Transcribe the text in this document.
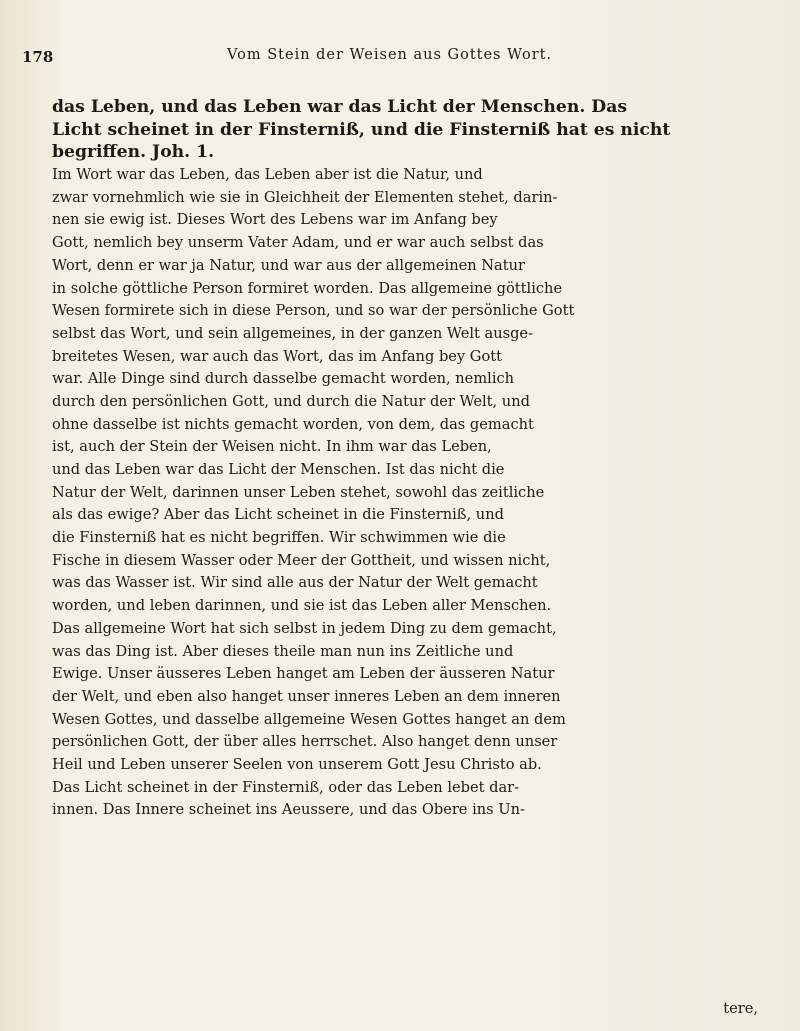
178	Vom Stein der Weisen aus Gottes Wort.
das Leben, und das Leben war das Licht der Menschen. Das
Licht scheinet in der Finsterniß, und die Finsterniß hat es nicht
begriffen. Joh. 1.
Im Wort war das Leben, das Leben aber ist die Natur, und
zwar vornehmlich wie sie in Gleichheit der Elementen stehet, darin-
nen sie ewig ist. Dieses Wort des Lebens war im Anfang bey
Gott, nemlich bey unserm Vater Adam, und er war auch selbst das
Wort, denn er war ja Natur, und war aus der allgemeinen Natur
in solche göttliche Person formiret worden. Das allgemeine göttliche
Wesen formirete sich in diese Person, und so war der persönliche Gott
selbst das Wort, und sein allgemeines, in der ganzen Welt ausge-
breitetes Wesen, war auch das Wort, das im Anfang bey Gott
war. Alle Dinge sind durch dasselbe gemacht worden, nemlich
durch den persönlichen Gott, und durch die Natur der Welt, und
ohne dasselbe ist nichts gemacht worden, von dem, das gemacht
ist, auch der Stein der Weisen nicht. In ihm war das Leben,
und das Leben war das Licht der Menschen. Ist das nicht die
Natur der Welt, darinnen unser Leben stehet, sowohl das zeitliche
als das ewige? Aber das Licht scheinet in die Finsterniß, und
die Finsterniß hat es nicht begriffen. Wir schwimmen wie die
Fische in diesem Wasser oder Meer der Gottheit, und wissen nicht,
was das Wasser ist. Wir sind alle aus der Natur der Welt gemacht
worden, und leben darinnen, und sie ist das Leben aller Menschen.
Das allgemeine Wort hat sich selbst in jedem Ding zu dem gemacht,
was das Ding ist. Aber dieses theile man nun ins Zeitliche und
Ewige. Unser äusseres Leben hanget am Leben der äusseren Natur
der Welt, und eben also hanget unser inneres Leben an dem inneren
Wesen Gottes, und dasselbe allgemeine Wesen Gottes hanget an dem
persönlichen Gott, der über alles herrschet. Also hanget denn unser
Heil und Leben unserer Seelen von unserem Gott Jesu Christo ab.
Das Licht scheinet in der Finsterniß, oder das Leben lebet dar-
innen. Das Innere scheinet ins Aeussere, und das Obere ins Un-
tere,
